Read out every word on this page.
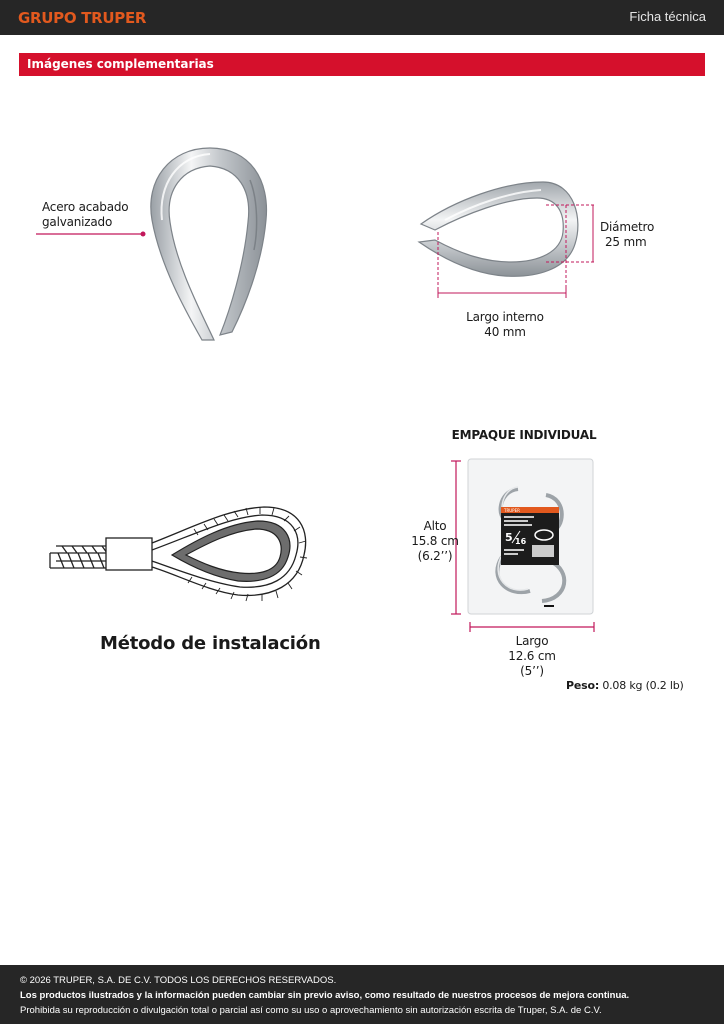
GRUPO TRUPER	Ficha técnica
Imágenes complementarias
Acero acabado
galvanizado	Diámetro
25 mm
Largo interno
40 mm
Método de instalación
EMPAQUE INDIVIDUAL
TRUPER
5 16
Alto
15.8 cm
(6.2’’)
Largo
12.6 cm
(5’’)
Peso: 0.08 kg (0.2 lb)
© 2026 TRUPER, S.A. DE C.V. TODOS LOS DERECHOS RESERVADOS.
Los productos ilustrados y la información pueden cambiar sin previo aviso, como resultado de nuestros procesos de mejora continua.
Prohibida su reproducción o divulgación total o parcial así como su uso o aprovechamiento sin autorización escrita de Truper, S.A. de C.V.
